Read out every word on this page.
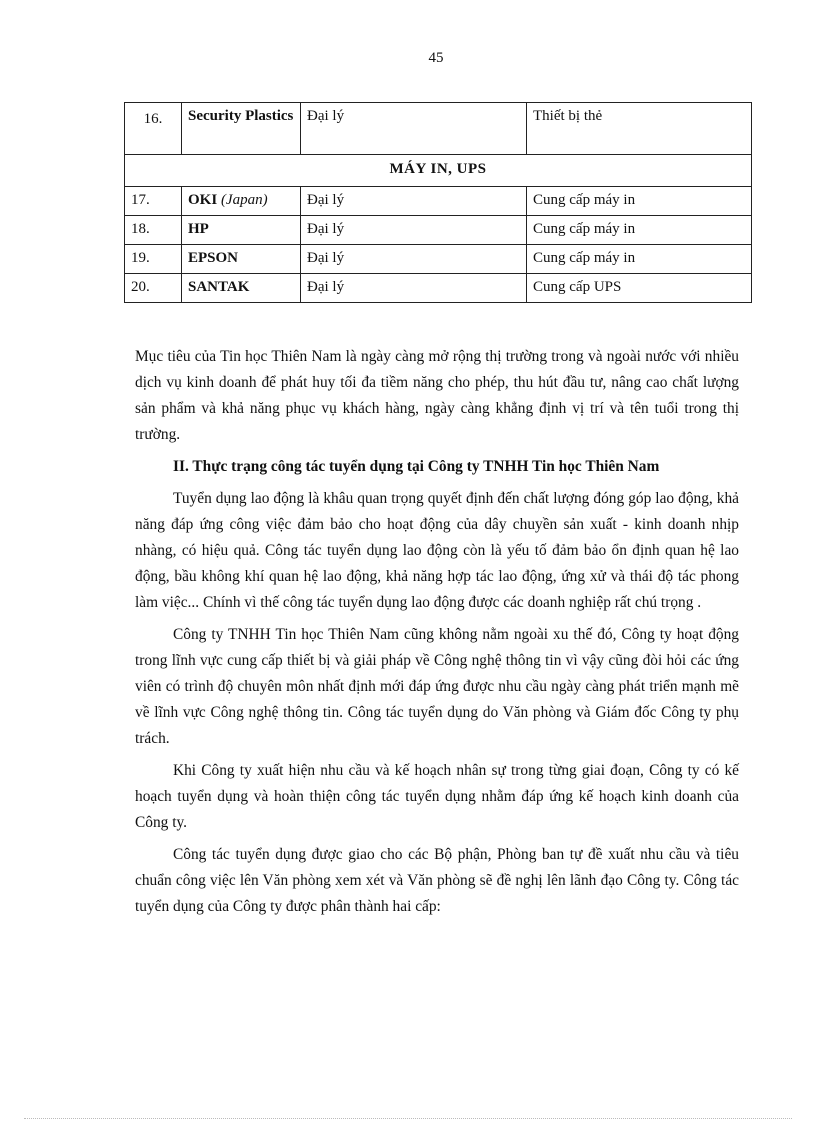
45
16.	Security Plastics	Đại lý	Thiết bị thẻ
MÁY IN, UPS			
17.	OKI (Japan)	Đại lý	Cung cấp máy in
18.	HP	Đại lý	Cung cấp máy in
19.	EPSON	Đại lý	Cung cấp máy in
20.	SANTAK	Đại lý	Cung cấp UPS

Mục tiêu của Tin học Thiên Nam là ngày càng mở rộng thị trường trong và ngoài nước với nhiều dịch vụ kinh doanh để phát huy tối đa tiềm năng cho phép, thu hút đầu tư, nâng cao chất lượng sản phẩm và khả năng phục vụ khách hàng, ngày càng khẳng định vị trí và tên tuổi trong thị trường.

II. Thực trạng công tác tuyển dụng tại Công ty TNHH Tin học Thiên Nam

Tuyển dụng lao động là khâu quan trọng quyết định đến chất lượng đóng góp lao động, khả năng đáp ứng công việc đảm bảo cho hoạt động của dây chuyền sản xuất - kinh doanh nhịp nhàng, có hiệu quả. Công tác tuyển dụng lao động còn là yếu tố đảm bảo ổn định quan hệ lao động, bầu không khí quan hệ lao động, khả năng hợp tác lao động, ứng xử và thái độ tác phong làm việc... Chính vì thế công tác tuyển dụng lao động được các doanh nghiệp rất chú trọng .

Công ty TNHH Tin học Thiên Nam cũng không nằm ngoài xu thế đó, Công ty hoạt động trong lĩnh vực cung cấp thiết bị và giải pháp về Công nghệ thông tin vì vậy cũng đòi hỏi các ứng viên có trình độ chuyên môn nhất định mới đáp ứng được nhu cầu ngày càng phát triển mạnh mẽ về lĩnh vực Công nghệ thông tin. Công tác tuyển dụng do Văn phòng và Giám đốc Công ty phụ trách.

Khi Công ty xuất hiện nhu cầu và kế hoạch nhân sự trong từng giai đoạn, Công ty có kế hoạch tuyển dụng và hoàn thiện công tác tuyển dụng nhằm đáp ứng kế hoạch kinh doanh của Công ty.

Công tác tuyển dụng được giao cho các Bộ phận, Phòng ban tự đề xuất nhu cầu và tiêu chuẩn công việc lên Văn phòng xem xét và Văn phòng sẽ đề nghị lên lãnh đạo Công ty. Công tác tuyển dụng của Công ty được phân thành hai cấp:
